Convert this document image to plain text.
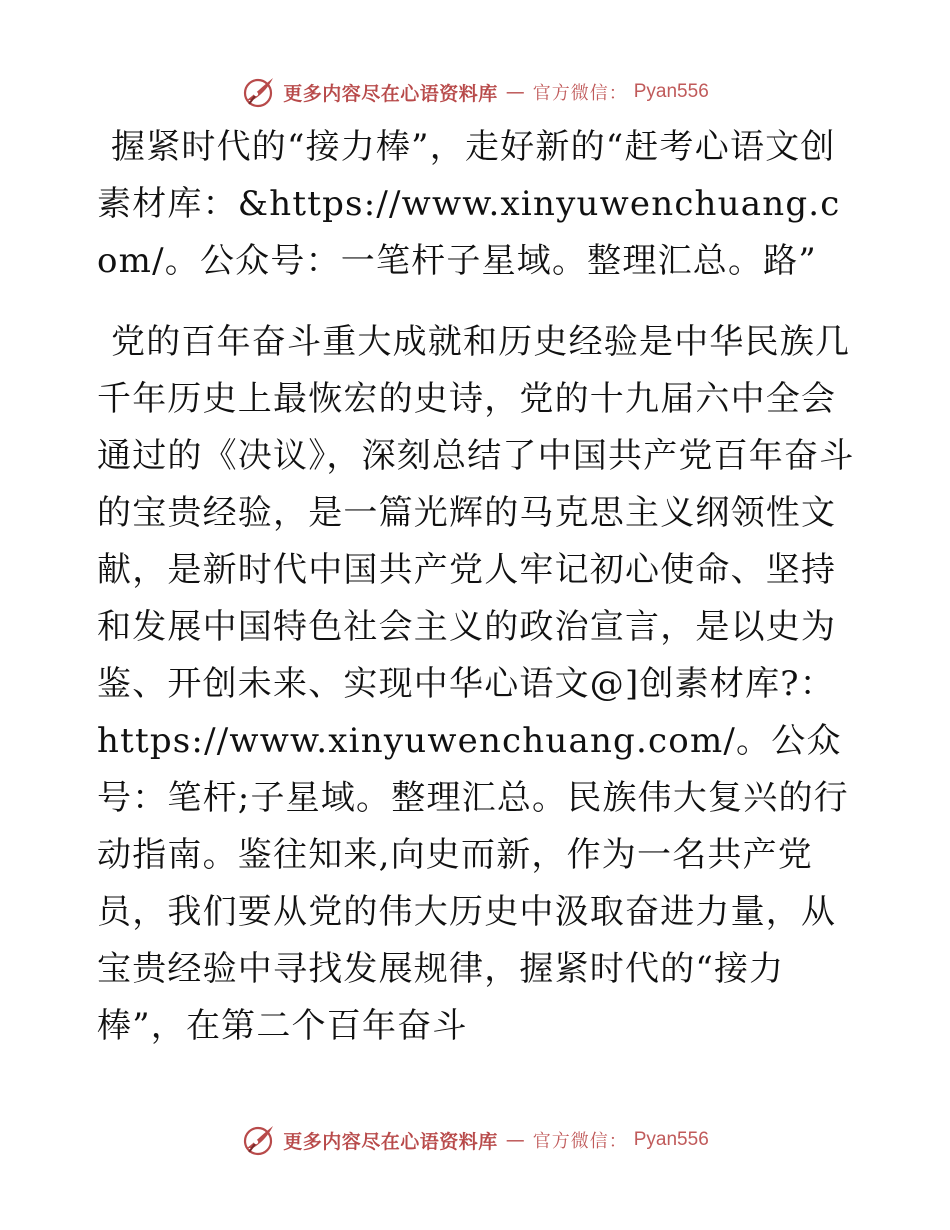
更多内容尽在心语资料库 — 官方微信： Pyan556

握紧时代的“接力棒”，走好新的“赶考心语文创素材库：&https://www.xinyuwenchuang.com/。公众号：一笔杆子星域。整理汇总。路”

党的百年奋斗重大成就和历史经验是中华民族几千年历史上最恢宏的史诗，党的十九届六中全会通过的《决议》，深刻总结了中国共产党百年奋斗的宝贵经验，是一篇光辉的马克思主义纲领性文献，是新时代中国共产党人牢记初心使命、坚持和发展中国特色社会主义的政治宣言，是以史为鉴、开创未来、实现中华心语文@]创素材库?：https://www.xinyuwenchuang.com/。公众号：笔杆;子星域。整理汇总。民族伟大复兴的行动指南。鉴往知来,向史而新，作为一名共产党员，我们要从党的伟大历史中汲取奋进力量，从宝贵经验中寻找发展规律，握紧时代的“接力棒”，在第二个百年奋斗

更多内容尽在心语资料库 — 官方微信： Pyan556
